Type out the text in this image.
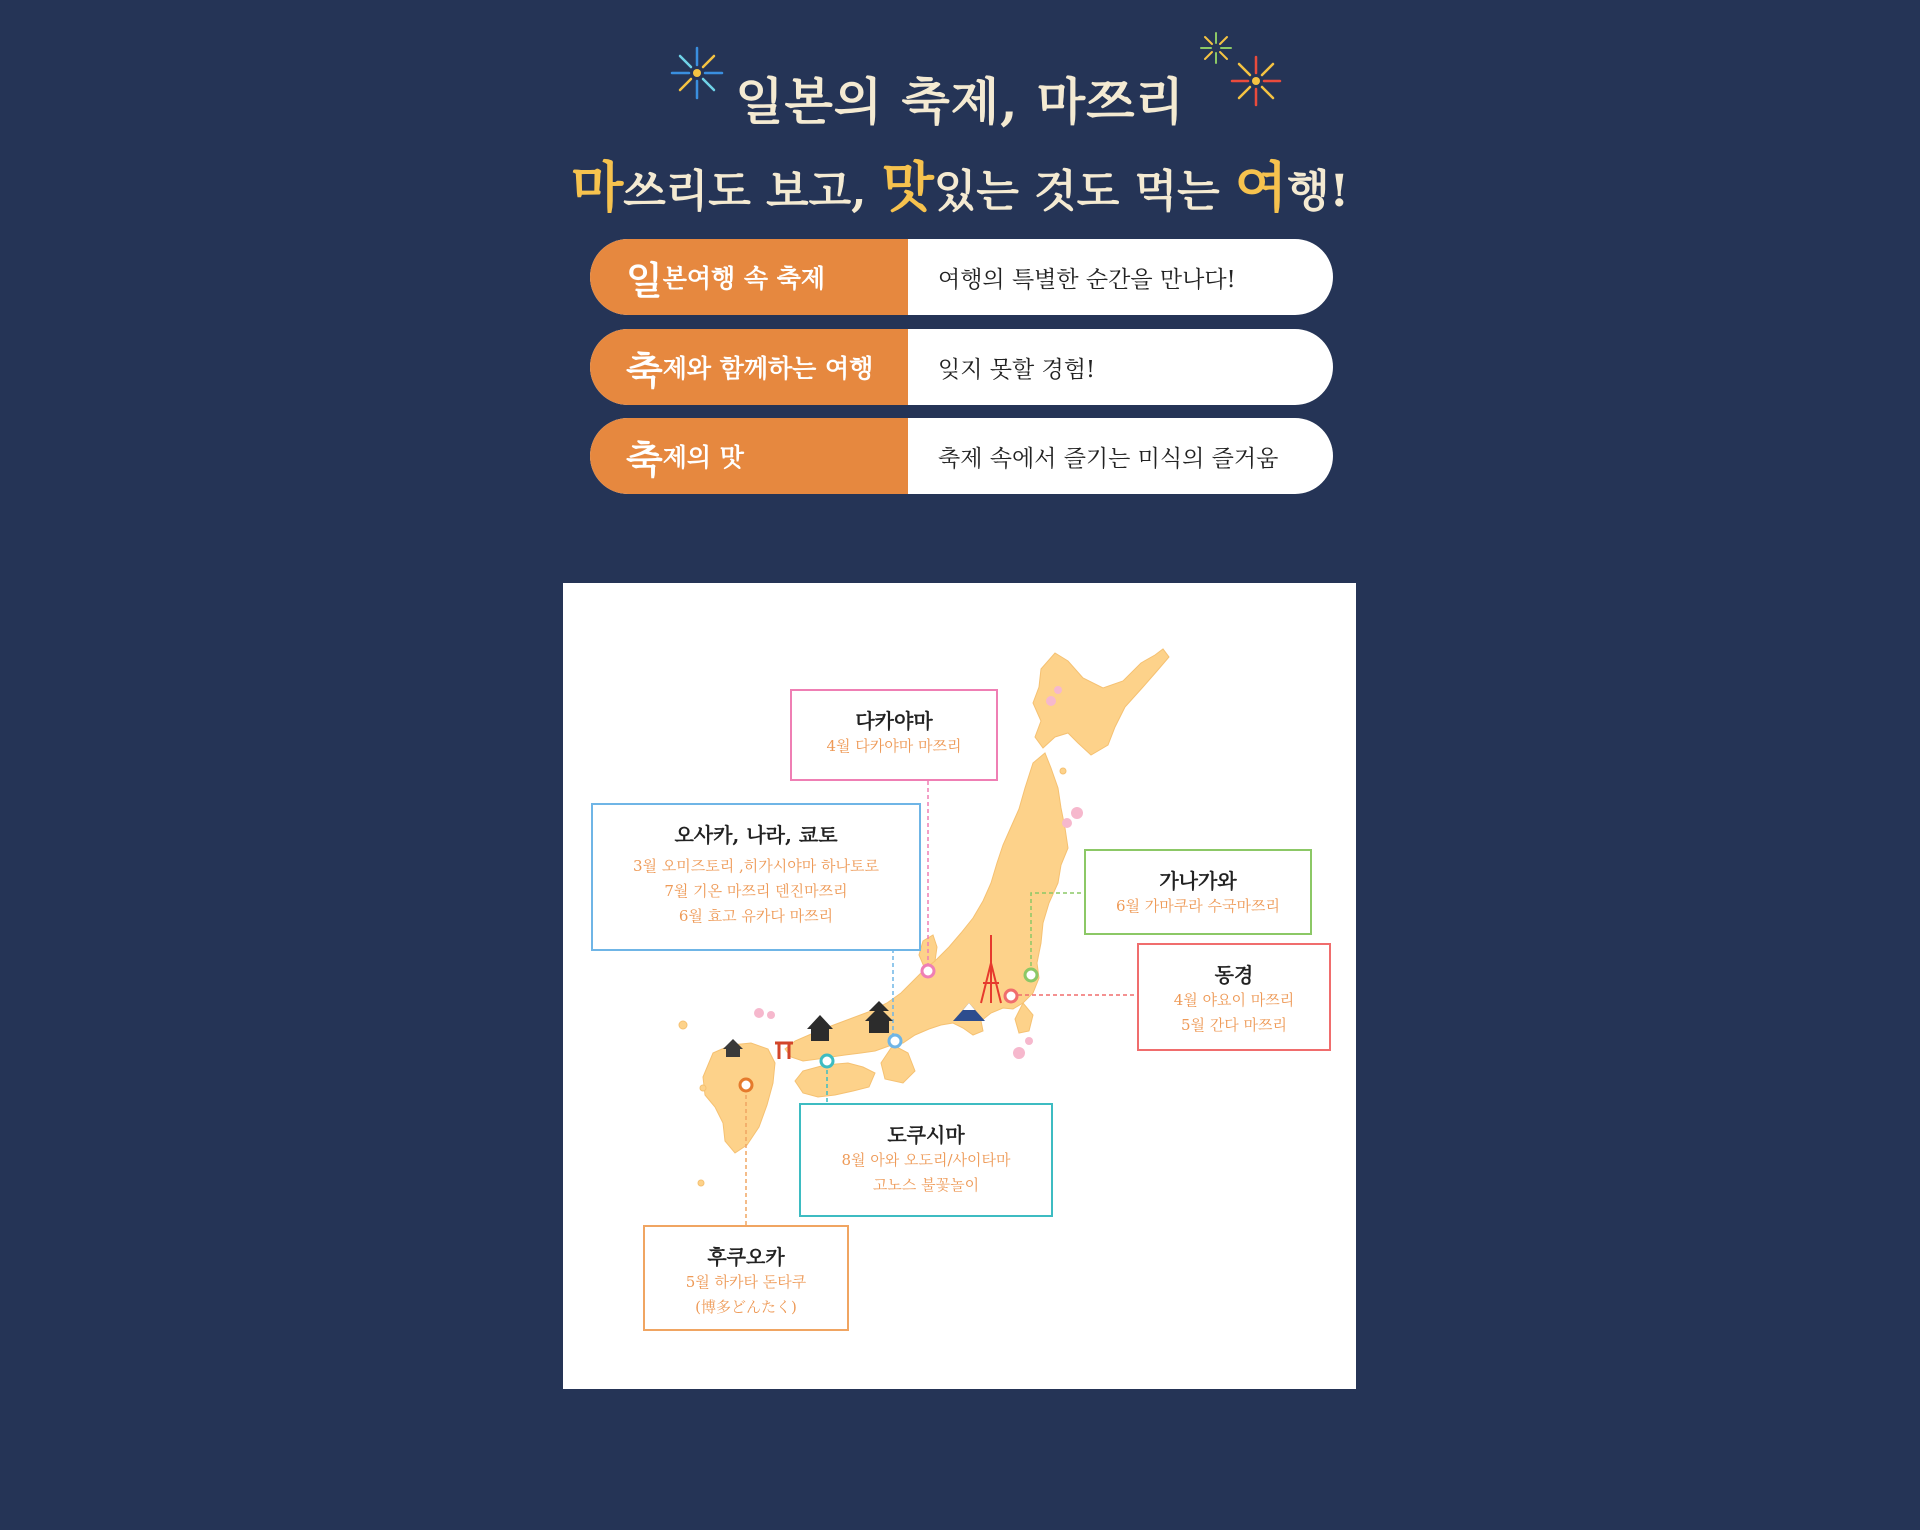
일본의 축제, 마쯔리
마쓰리도 보고, 맛있는 것도 먹는 여행!
일 본여행 속 축제	여행의 특별한 순간을 만나다!
축 제와 함께하는 여행	잊지 못할 경험!
축 제의 맛	축제 속에서 즐기는 미식의 즐거움
다카야마
4월 다카야마 마쯔리
오사카, 나라, 쿄토
3월 오미즈토리 ,히가시야마 하나토로
7월 기온 마쯔리 덴진마쯔리
6월 효고 유카다 마쯔리
가나가와
6월 가마쿠라 수국마쯔리
동경
4월 야요이 마쯔리
5월 간다 마쯔리
도쿠시마
8월 아와 오도리/사이타마
고노스 불꽃놀이
후쿠오카
5월 하카타 돈타쿠
(博多どんたく)
